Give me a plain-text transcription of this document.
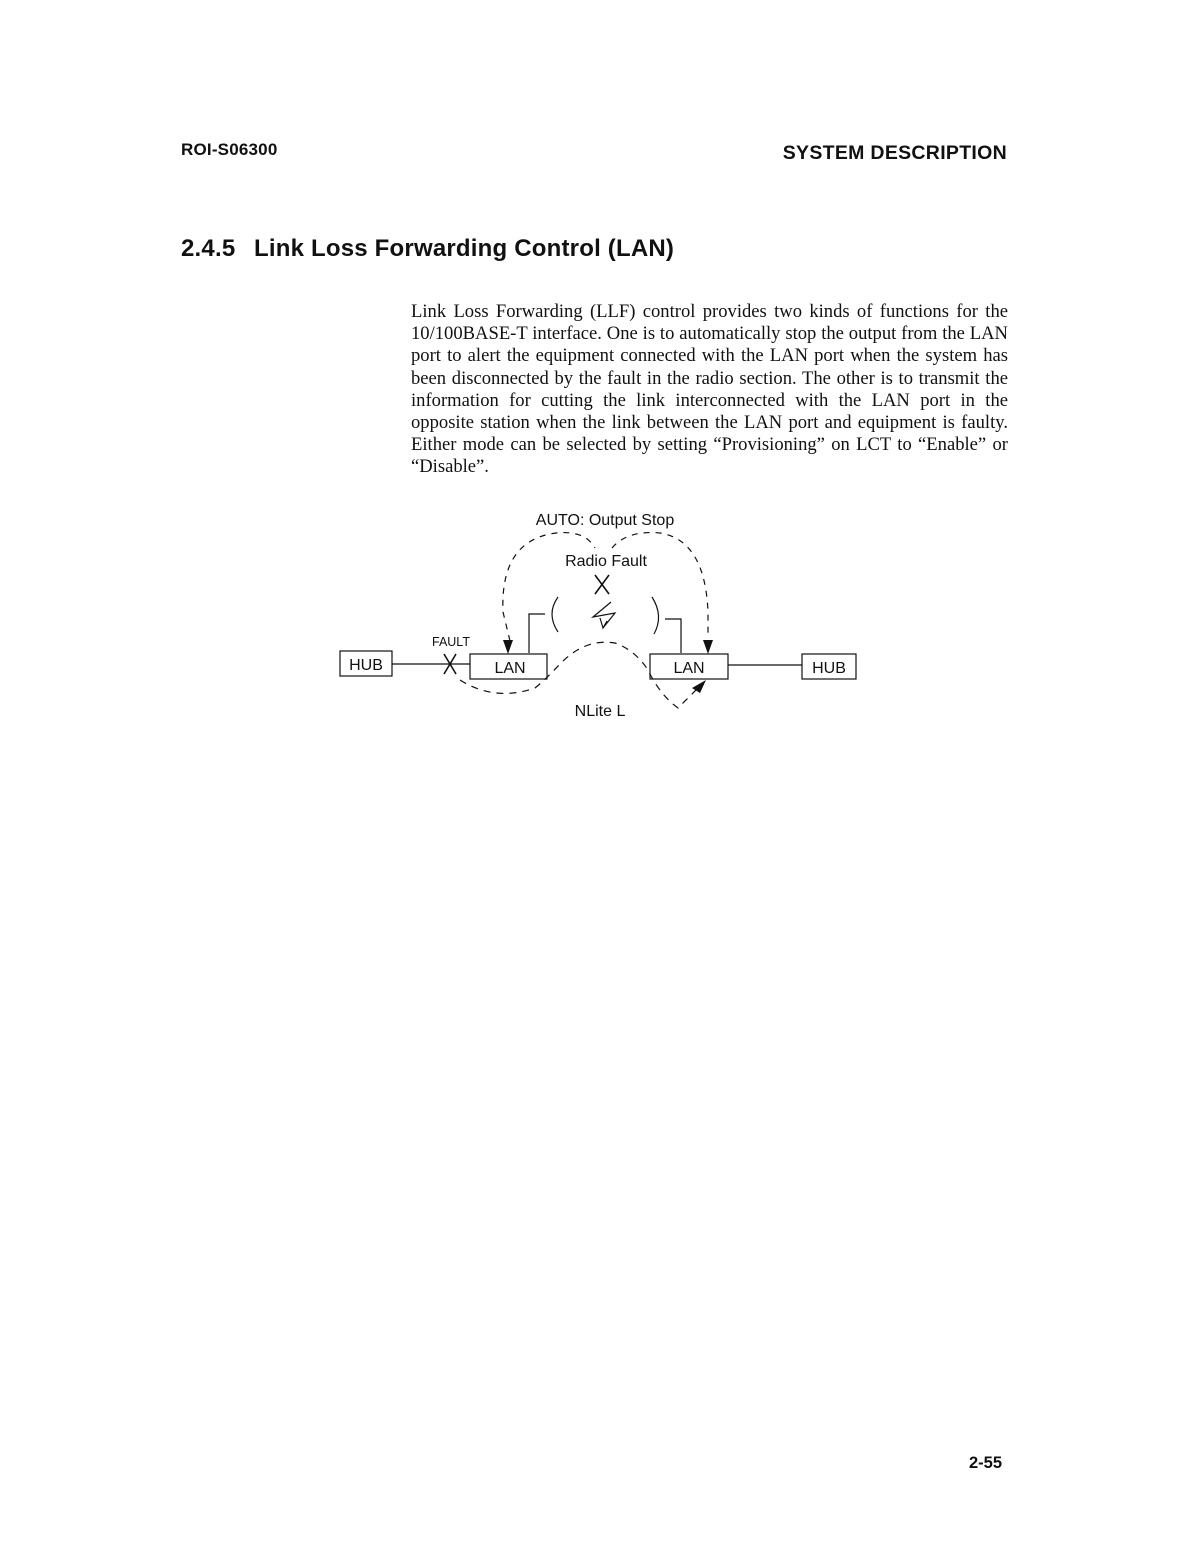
ROI-S06300	SYSTEM DESCRIPTION
2.4.5 Link Loss Forwarding Control (LAN)

Link Loss Forwarding (LLF) control provides two kinds of functions for the 10/100BASE-T interface. One is to automatically stop the output from the LAN port to alert the equipment connected with the LAN port when the system has been disconnected by the fault in the radio section. The other is to transmit the information for cutting the link interconnected with the LAN port in the opposite station when the link between the LAN port and equipment is faulty. Either mode can be selected by setting “Provisioning” on LCT to “Enable” or “Disable”.

AUTO: Output Stop
Radio Fault
FAULT
NLite L
HUB	LAN	LAN	HUB
2-55
